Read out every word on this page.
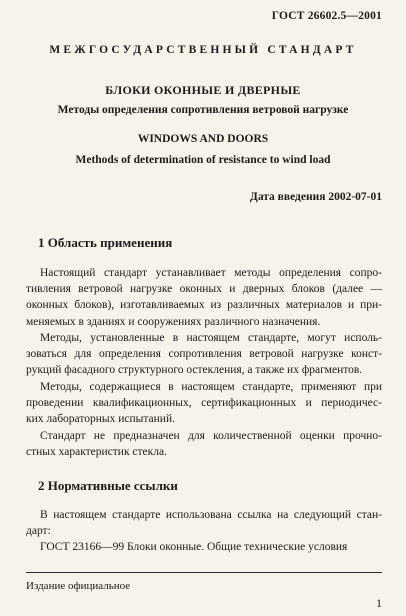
ГОСТ 26602.5—2001
МЕЖГОСУДАРСТВЕННЫЙ СТАНДАРТ
БЛОКИ ОКОННЫЕ И ДВЕРНЫЕ
Методы определения сопротивления ветровой нагрузке
WINDOWS AND DOORS
Methods of determination of resistance to wind load
Дата введения 2002-07-01
1 Область применения
Настоящий стандарт устанавливает методы определения сопро-
тивления ветровой нагрузке оконных и дверных блоков (далее —
оконных блоков), изготавливаемых из различных материалов и при-
меняемых в зданиях и сооружениях различного назначения.
Методы, установленные в настоящем стандарте, могут исполь-
зоваться для определения сопротивления ветровой нагрузке конст-
рукций фасадного структурного остекления, а также их фрагментов.
Методы, содержащиеся в настоящем стандарте, применяют при
проведении квалификационных, сертификационных и периодичес-
ких лабораторных испытаний.
Стандарт не предназначен для количественной оценки прочно-
стных характеристик стекла.
2 Нормативные ссылки
В настоящем стандарте использована ссылка на следующий стан-
дарт:
ГОСТ 23166—99 Блоки оконные. Общие технические условия
Издание официальное
1
